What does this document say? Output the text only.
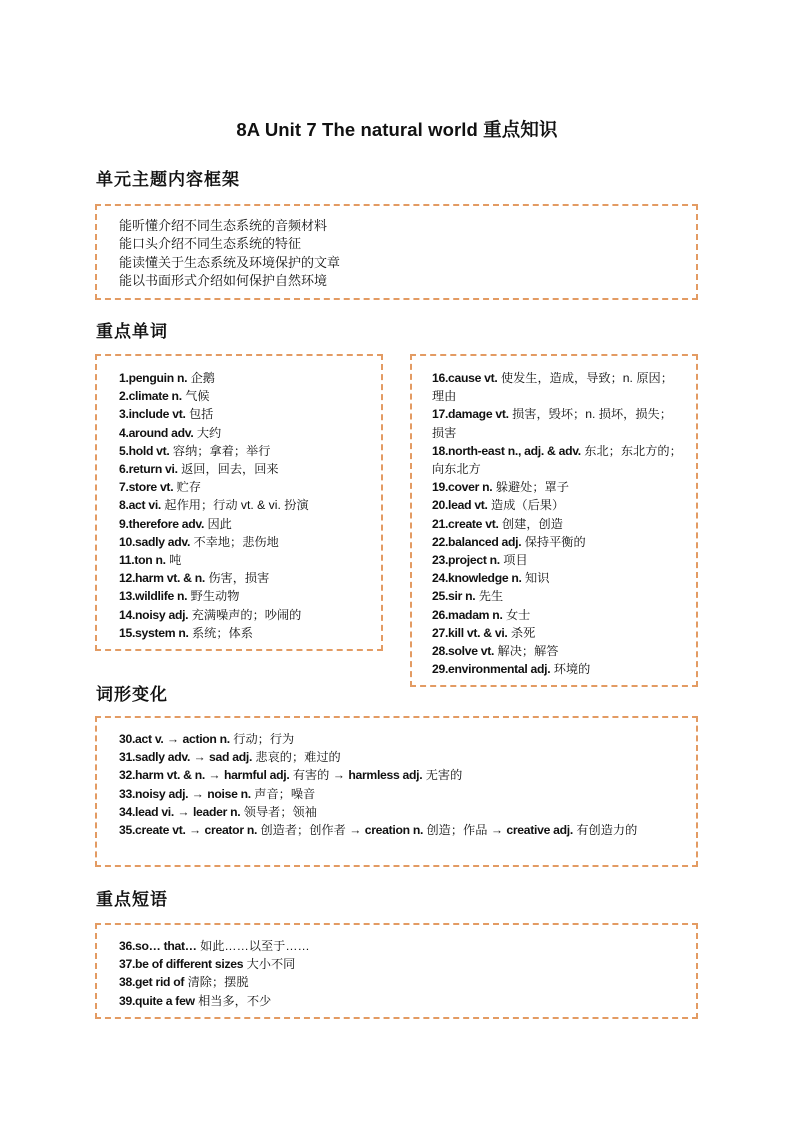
8A Unit 7 The natural world 重点知识
单元主题内容框架
能听懂介绍不同生态系统的音频材料
能口头介绍不同生态系统的特征
能读懂关于生态系统及环境保护的文章
能以书面形式介绍如何保护自然环境
重点单词
1.penguin n. 企鹅
2.climate n. 气候
3.include vt. 包括
4.around adv. 大约
5.hold vt. 容纳；拿着；举行
6.return vi. 返回，回去，回来
7.store vt. 贮存
8.act vi. 起作用；行动 vt. & vi. 扮演
9.therefore adv. 因此
10.sadly adv. 不幸地；悲伤地
11.ton n. 吨
12.harm vt. & n. 伤害，损害
13.wildlife n. 野生动物
14.noisy adj. 充满噪声的；吵闹的
15.system n. 系统；体系
16.cause vt. 使发生，造成，导致；n. 原因；理由
17.damage vt. 损害，毁坏；n. 损坏，损失；损害
18.north-east n., adj. & adv. 东北；东北方的；向东北方
19.cover n. 躲避处；罩子
20.lead vt. 造成（后果）
21.create vt. 创建，创造
22.balanced adj. 保持平衡的
23.project n. 项目
24.knowledge n. 知识
25.sir n. 先生
26.madam n. 女士
27.kill vt. & vi. 杀死
28.solve vt. 解决；解答
29.environmental adj. 环境的
词形变化
30.act v. → action n. 行动；行为
31.sadly adv. → sad adj. 悲哀的；难过的
32.harm vt. & n. → harmful adj. 有害的 → harmless adj. 无害的
33.noisy adj. → noise n. 声音；噪音
34.lead vi. → leader n. 领导者；领袖
35.create vt. → creator n. 创造者；创作者 → creation n. 创造；作品 → creative adj. 有创造力的
重点短语
36.so… that… 如此……以至于……
37.be of different sizes 大小不同
38.get rid of 清除；摆脱
39.quite a few 相当多，不少
